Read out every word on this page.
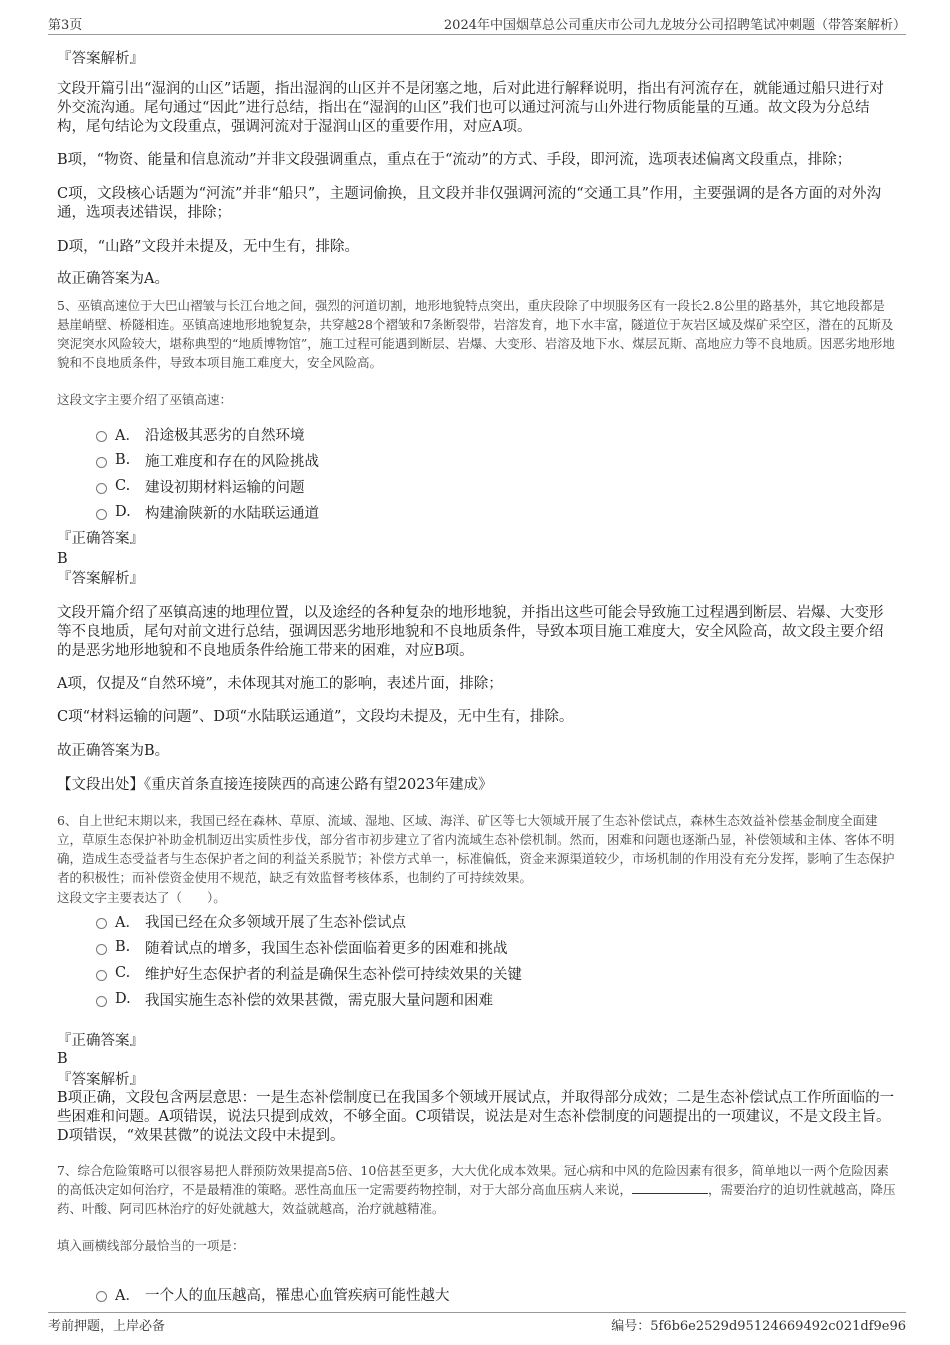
第3页	2024年中国烟草总公司重庆市公司九龙坡分公司招聘笔试冲刺题（带答案解析）
『答案解析』
文段开篇引出“湿润的山区”话题，指出湿润的山区并不是闭塞之地，后对此进行解释说明，指出有河流存在，就能通过船只进行对外交流沟通。尾句通过“因此”进行总结，指出在“湿润的山区”我们也可以通过河流与山外进行物质能量的互通。故文段为分总结构，尾句结论为文段重点，强调河流对于湿润山区的重要作用，对应A项。
B项，“物资、能量和信息流动”并非文段强调重点，重点在于“流动”的方式、手段，即河流，选项表述偏离文段重点，排除；
C项，文段核心话题为“河流”并非“船只”，主题词偷换，且文段并非仅强调河流的“交通工具”作用，主要强调的是各方面的对外沟通，选项表述错误，排除；
D项，“山路”文段并未提及，无中生有，排除。
故正确答案为A。
5、巫镇高速位于大巴山褶皱与长江台地之间，强烈的河道切割，地形地貌特点突出，重庆段除了中坝服务区有一段长2.8公里的路基外，其它地段都是悬崖峭壁、桥隧相连。巫镇高速地形地貌复杂，共穿越28个褶皱和7条断裂带，岩溶发育，地下水丰富，隧道位于灰岩区域及煤矿采空区，潜在的瓦斯及突泥突水风险较大，堪称典型的“地质博物馆”，施工过程可能遇到断层、岩爆、大变形、岩溶及地下水、煤层瓦斯、高地应力等不良地质。因恶劣地形地貌和不良地质条件，导致本项目施工难度大，安全风险高。
这段文字主要介绍了巫镇高速：
A． 沿途极其恶劣的自然环境
B.	施工难度和存在的风险挑战
C.	建设初期材料运输的问题
D. 构建渝陕新的水陆联运通道
『正确答案』
B
『答案解析』
文段开篇介绍了巫镇高速的地理位置，以及途经的各种复杂的地形地貌，并指出这些可能会导致施工过程遇到断层、岩爆、大变形等不良地质，尾句对前文进行总结，强调因恶劣地形地貌和不良地质条件，导致本项目施工难度大，安全风险高，故文段主要介绍的是恶劣地形地貌和不良地质条件给施工带来的困难，对应B项。
A项，仅提及“自然环境”，未体现其对施工的影响，表述片面，排除；
C项“材料运输的问题”、D项“水陆联运通道”，文段均未提及，无中生有，排除。
故正确答案为B。
【文段出处】《重庆首条直接连接陕西的高速公路有望2023年建成》
6、自上世纪末期以来，我国已经在森林、草原、流域、湿地、区域、海洋、矿区等七大领域开展了生态补偿试点，森林生态效益补偿基金制度全面建立，草原生态保护补助金机制迈出实质性步伐，部分省市初步建立了省内流域生态补偿机制。然而，困难和问题也逐渐凸显，补偿领域和主体、客体不明确，造成生态受益者与生态保护者之间的利益关系脱节；补偿方式单一，标准偏低，资金来源渠道较少，市场机制的作用没有充分发挥，影响了生态保护者的积极性；而补偿资金使用不规范，缺乏有效监督考核体系，也制约了可持续效果。
这段文字主要表达了（　　）。
A． 我国已经在众多领域开展了生态补偿试点
B.	随着试点的增多，我国生态补偿面临着更多的困难和挑战
C.	维护好生态保护者的利益是确保生态补偿可持续效果的关键
D. 我国实施生态补偿的效果甚微，需克服大量问题和困难
『正确答案』
B
『答案解析』
B项正确，文段包含两层意思：一是生态补偿制度已在我国多个领域开展试点，并取得部分成效；二是生态补偿试点工作所面临的一些困难和问题。A项错误，说法只提到成效，不够全面。C项错误，说法是对生态补偿制度的问题提出的一项建议，不是文段主旨。D项错误，“效果甚微”的说法文段中未提到。
7、综合危险策略可以很容易把人群预防效果提高5倍、10倍甚至更多，大大优化成本效果。冠心病和中风的危险因素有很多，简单地以一两个危险因素的高低决定如何治疗，不是最精准的策略。恶性高血压一定需要药物控制，对于大部分高血压病人来说，	，需要治疗的迫切性就越高，降压药、叶酸、阿司匹林治疗的好处就越大，效益就越高，治疗就越精准。
填入画横线部分最恰当的一项是：
A． 一个人的血压越高，罹患心血管疾病可能性越大
考前押题，上岸必备	编号：5f6b6e2529d95124669492c021df9e96
